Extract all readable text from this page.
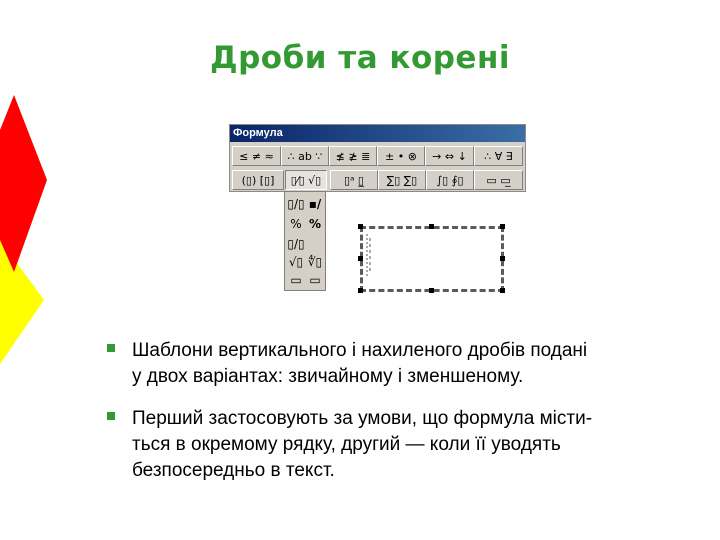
Дроби та корені
Формула
≤ ≠ ≈	∴ ab ∵	≰ ≱ ≣	± • ⊗	→ ⇔ ↓	∴ ∀ ∃
(▯) [▯]	▯⁄▯ √▯	▯ᵃ ▯̲	∑▯ ∑▯	∫▯ ∮▯	▭ ▭̲
▯/▯ ▪/
% %
▯/▯
√▯ ∜▯
▭ ▭
Шаблони вертикального і нахиленого дробів подані
у двох варіантах: звичайному і зменшеному.
Перший застосовують за умови, що формула місти-
ться в окремому рядку, другий — коли її уводять
безпосередньо в текст.
